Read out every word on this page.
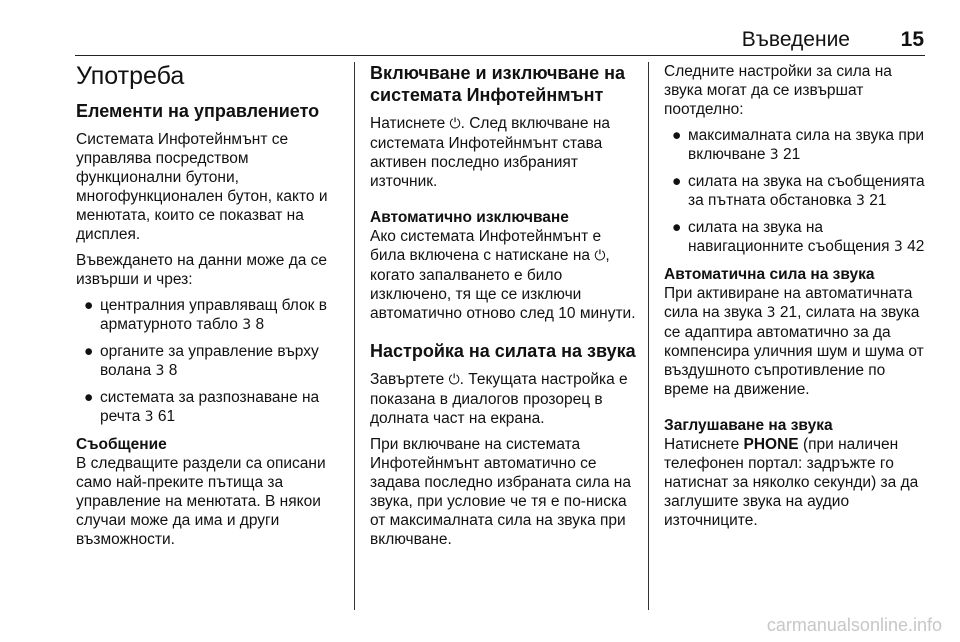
Въведение 15
Употреба
Елементи на управлението

Системата Инфотейнмънт се управлява посредством функционални бутони, многофункционален бутон, както и менютата, които се показват на дисплея.

Въвеждането на данни може да се извърши и чрез:

● централния управляващ блок в арматурното табло 3 8
● органите за управление върху волана 3 8
● системата за разпознаване на речта 3 61
Съобщение

В следващите раздели са описани само най-преките пътища за управление на менютата. В някои случаи може да има и други възможности.

Включване и изключване на системата Инфотейнмънт

Натиснете ⏻. След включване на системата Инфотейнмънт става активен последно избраният източник.

Автоматично изключване

Ако системата Инфотейнмънт е била включена с натискане на ⏻, когато запалването е било изключено, тя ще се изключи автоматично отново след 10 минути.

Настройка на силата на звука

Завъртете ⏻. Текущата настройка е показана в диалогов прозорец в долната част на екрана.

При включване на системата Инфотейнмънт автоматично се задава последно избраната сила на звука, при условие че тя е по-ниска от максималната сила на звука при включване.

Следните настройки за сила на звука могат да се извършат поотделно:

● максималната сила на звука при включване 3 21
● силата на звука на съобщенията за пътната обстановка 3 21
● силата на звука на навигационните съобщения 3 42
Автоматична сила на звука

При активиране на автоматичната сила на звука 3 21, силата на звука се адаптира автоматично за да компенсира уличния шум и шума от въздушното съпротивление по време на движение.

Заглушаване на звука

Натиснете PHONE (при наличен телефонен портал: задръжте го натиснат за няколко секунди) за да заглушите звука на аудио източниците.

carmanualsonline.info
